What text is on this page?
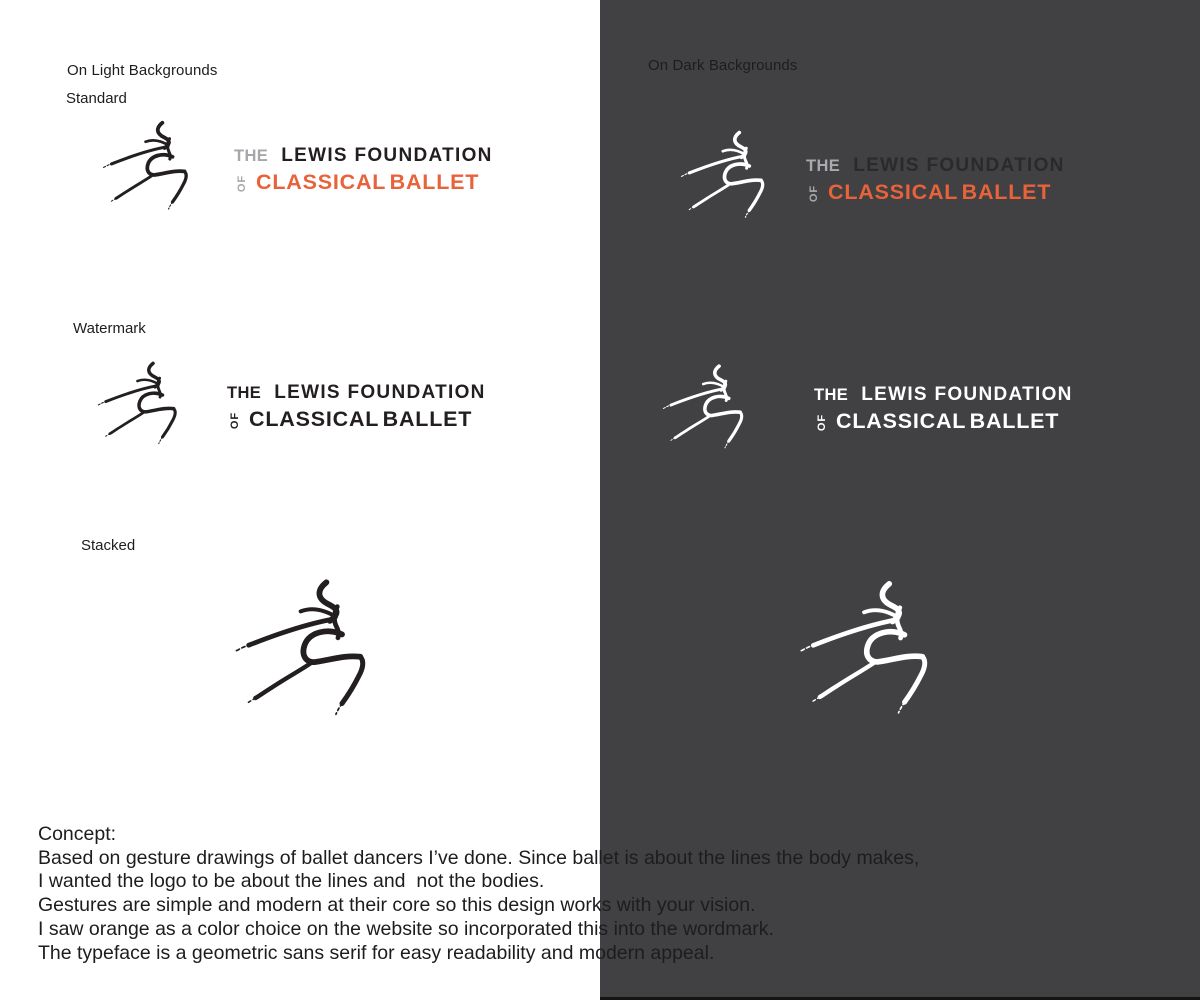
On Light Backgrounds
Standard
THE LEWIS FOUNDATION
OF CLASSICAL BALLET
Watermark
THE LEWIS FOUNDATION
OF CLASSICAL BALLET
Stacked
On Dark Backgrounds
THE LEWIS FOUNDATION
OF CLASSICAL BALLET
THE LEWIS FOUNDATION
OF CLASSICAL BALLET
Concept:
Based on gesture drawings of ballet dancers I’ve done. Since ballet is about the lines the body makes,
I wanted the logo to be about the lines and  not the bodies.
Gestures are simple and modern at their core so this design works with your vision.
I saw orange as a color choice on the website so incorporated this into the wordmark.
The typeface is a geometric sans serif for easy readability and modern appeal.
